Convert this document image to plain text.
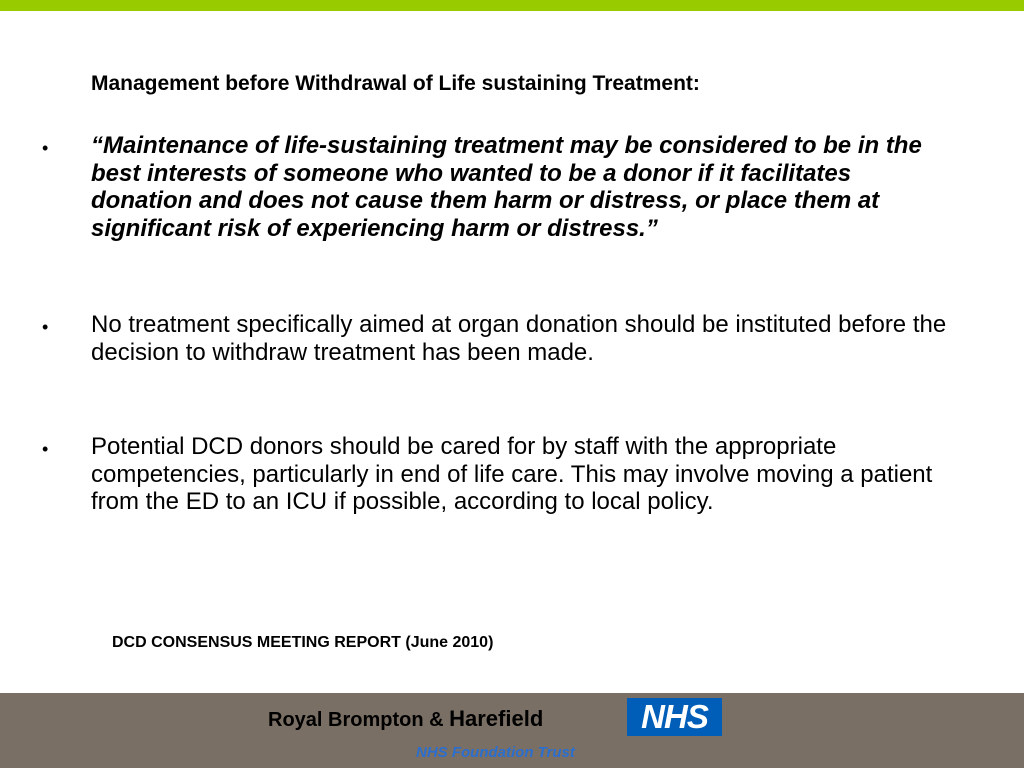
Management before Withdrawal of Life sustaining Treatment:
• “Maintenance of life-sustaining treatment may be considered to be in the best interests of someone who wanted to be a donor if it facilitates donation and does not cause them harm or distress, or place them at significant risk of experiencing harm or distress.”
• No treatment specifically aimed at organ donation should be instituted before the decision to withdraw treatment has been made.
• Potential DCD donors should be cared for by staff with the appropriate competencies, particularly in end of life care. This may involve moving a patient from the ED to an ICU if possible, according to local policy.
DCD CONSENSUS MEETING REPORT (June 2010)
Royal Brompton & Harefield	NHS
NHS Foundation Trust
